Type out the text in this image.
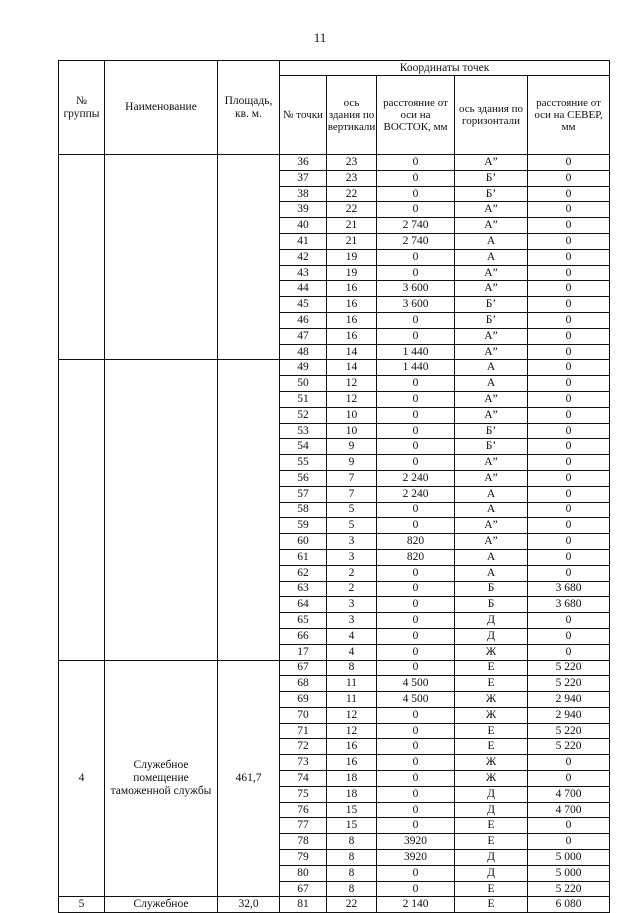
11
№ группы	Наименование	Площадь, кв. м.	Координаты точек				
			№ точки	ось здания по вертикали	расстояние от оси на ВОСТОК, мм	ось здания по горизонтали	расстояние от оси на СЕВЕР, мм
			36	23	0	А”	0
			37	23	0	Б’	0
			38	22	0	Б’	0
			39	22	0	А”	0
			40	21	2 740	А”	0
			41	21	2 740	А	0
			42	19	0	А	0
			43	19	0	А”	0
			44	16	3 600	А”	0
			45	16	3 600	Б’	0
			46	16	0	Б’	0
			47	16	0	А”	0
			48	14	1 440	А”	0
			49	14	1 440	А	0
			50	12	0	А	0
			51	12	0	А”	0
			52	10	0	А”	0
			53	10	0	Б’	0
			54	9	0	Б’	0
			55	9	0	А”	0
			56	7	2 240	А”	0
			57	7	2 240	А	0
			58	5	0	А	0
			59	5	0	А”	0
			60	3	820	А”	0
			61	3	820	А	0
			62	2	0	А	0
			63	2	0	Б	3 680
			64	3	0	Б	3 680
			65	3	0	Д	0
			66	4	0	Д	0
			17	4	0	Ж	0
4	Служебное помещение таможенной службы	461,7	67	8	0	Е	5 220
			68	11	4 500	Е	5 220
			69	11	4 500	Ж	2 940
			70	12	0	Ж	2 940
			71	12	0	Е	5 220
			72	16	0	Е	5 220
			73	16	0	Ж	0
			74	18	0	Ж	0
			75	18	0	Д	4 700
			76	15	0	Д	4 700
			77	15	0	Е	0
			78	8	3920	Е	0
			79	8	3920	Д	5 000
			80	8	0	Д	5 000
			67	8	0	Е	5 220
5	Служебное	32,0	81	22	2 140	Е	6 080
